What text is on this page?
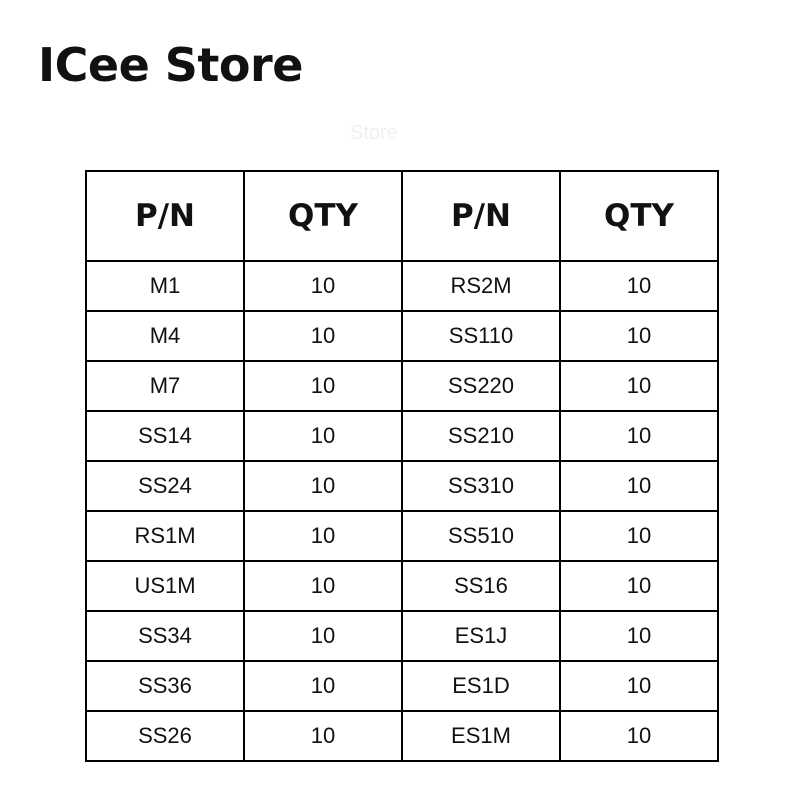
ICee Store
Store
P/N	QTY	P/N	QTY
M1	10	RS2M	10
M4	10	SS110	10
M7	10	SS220	10
SS14	10	SS210	10
SS24	10	SS310	10
RS1M	10	SS510	10
US1M	10	SS16	10
SS34	10	ES1J	10
SS36	10	ES1D	10
SS26	10	ES1M	10
